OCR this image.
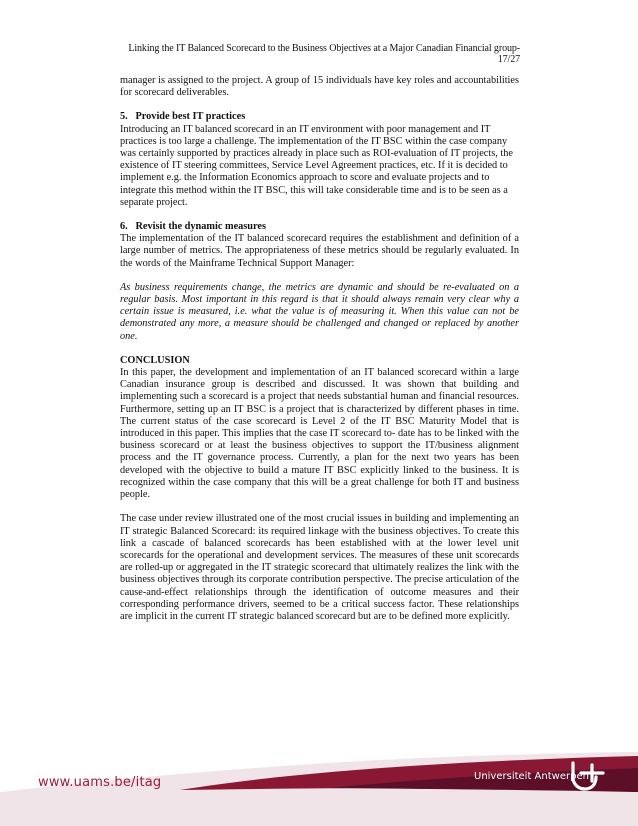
Linking the IT Balanced Scorecard to the Business Objectives at a Major Canadian Financial group-17/27

manager is assigned to the project. A group of 15 individuals have key roles and accountabilities for scorecard deliverables.

5. Provide best IT practices

Introducing an IT balanced scorecard in an IT environment with poor management and IT practices is too large a challenge. The implementation of the IT BSC within the case company was certainly supported by practices already in place such as ROI-evaluation of IT projects, the existence of IT steering committees, Service Level Agreement practices, etc. If it is decided to implement e.g. the Information Economics approach to score and evaluate projects and to integrate this method within the IT BSC, this will take considerable time and is to be seen as a separate project.

6. Revisit the dynamic measures

The implementation of the IT balanced scorecard requires the establishment and definition of a large number of metrics. The appropriateness of these metrics should be regularly evaluated. In the words of the Mainframe Technical Support Manager:

As business requirements change, the metrics are dynamic and should be re-evaluated on a regular basis. Most important in this regard is that it should always remain very clear why a certain issue is measured, i.e. what the value is of measuring it. When this value can not be demonstrated any more, a measure should be challenged and changed or replaced by another one.

CONCLUSION

In this paper, the development and implementation of an IT balanced scorecard within a large Canadian insurance group is described and discussed. It was shown that building and implementing such a scorecard is a project that needs substantial human and financial resources. Furthermore, setting up an IT BSC is a project that is characterized by different phases in time. The current status of the case scorecard is Level 2 of the IT BSC Maturity Model that is introduced in this paper. This implies that the case IT scorecard to- date has to be linked with the business scorecard or at least the business objectives to support the IT/business alignment process and the IT governance process. Currently, a plan for the next two years has been developed with the objective to build a mature IT BSC explicitly linked to the business. It is recognized within the case company that this will be a great challenge for both IT and business people.

The case under review illustrated one of the most crucial issues in building and implementing an IT strategic Balanced Scorecard: its required linkage with the business objectives. To create this link a cascade of balanced scorecards has been established with at the lower level unit scorecards for the operational and development services. The measures of these unit scorecards are rolled-up or aggregated in the IT strategic scorecard that ultimately realizes the link with the business objectives through its corporate contribution perspective. The precise articulation of the cause-and-effect relationships through the identification of outcome measures and their corresponding performance drivers, seemed to be a critical success factor. These relationships are implicit in the current IT strategic balanced scorecard but are to be defined more explicitly.

www.uams.be/itag	Universiteit Antwerpen
